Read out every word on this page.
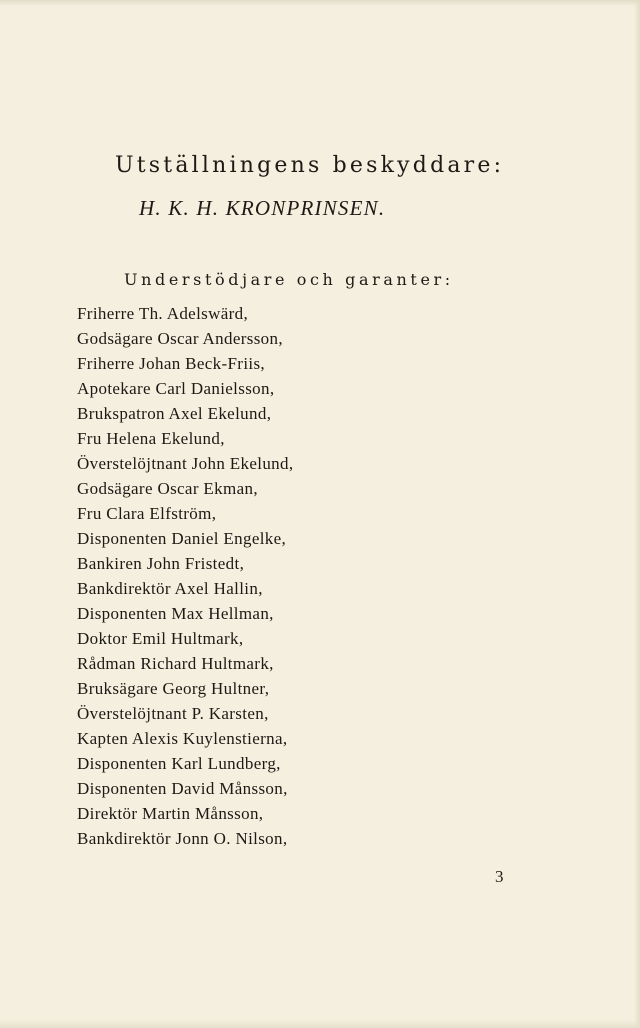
Utställningens beskyddare:
H. K. H. KRONPRINSEN.
Understödjare och garanter:
Friherre Th. Adelswärd,
Godsägare Oscar Andersson,
Friherre Johan Beck-Friis,
Apotekare Carl Danielsson,
Brukspatron Axel Ekelund,
Fru Helena Ekelund,
Överstelöjtnant John Ekelund,
Godsägare Oscar Ekman,
Fru Clara Elfström,
Disponenten Daniel Engelke,
Bankiren John Fristedt,
Bankdirektör Axel Hallin,
Disponenten Max Hellman,
Doktor Emil Hultmark,
Rådman Richard Hultmark,
Bruksägare Georg Hultner,
Överstelöjtnant P. Karsten,
Kapten Alexis Kuylenstierna,
Disponenten Karl Lundberg,
Disponenten David Månsson,
Direktör Martin Månsson,
Bankdirektör Jonn O. Nilson,

3
